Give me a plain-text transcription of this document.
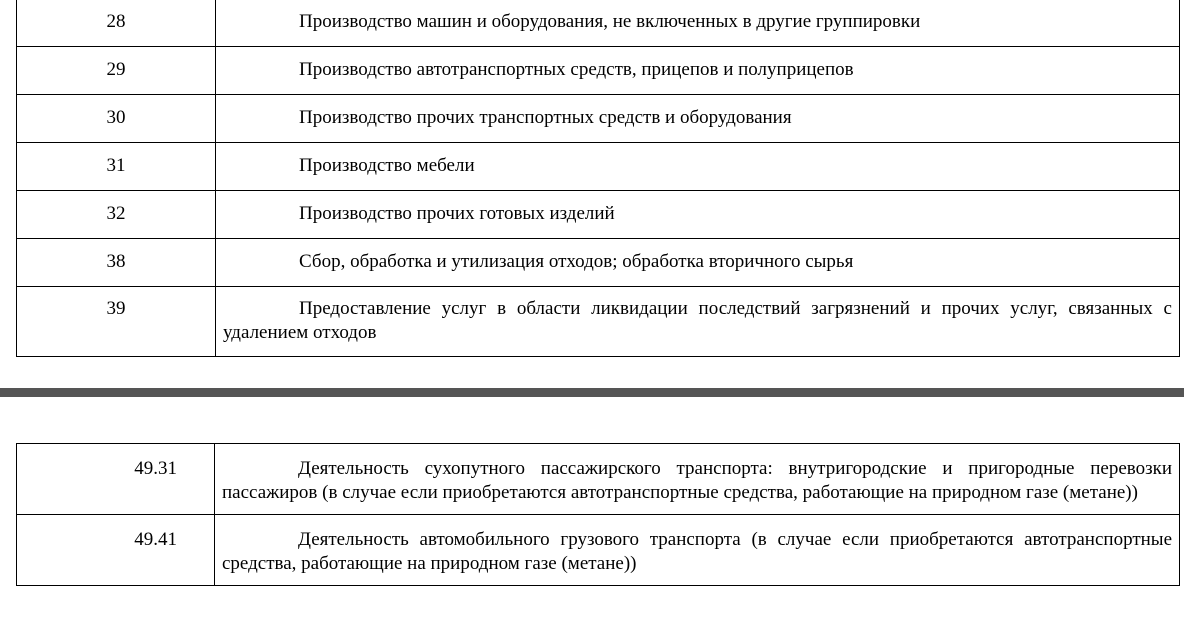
28	Производство машин и оборудования, не включенных в другие группировки
29	Производство автотранспортных средств, прицепов и полуприцепов
30	Производство прочих транспортных средств и оборудования
31	Производство мебели
32	Производство прочих готовых изделий
38	Сбор, обработка и утилизация отходов; обработка вторичного сырья
39	Предоставление услуг в области ликвидации последствий загрязнений и прочих услуг, связанных с удалением отходов
49.31	Деятельность сухопутного пассажирского транспорта: внутригородские и пригородные перевозки пассажиров (в случае если приобретаются автотранспортные средства, работающие на природном газе (метане))
49.41	Деятельность автомобильного грузового транспорта (в случае если приобретаются автотранспортные средства, работающие на природном газе (метане))
